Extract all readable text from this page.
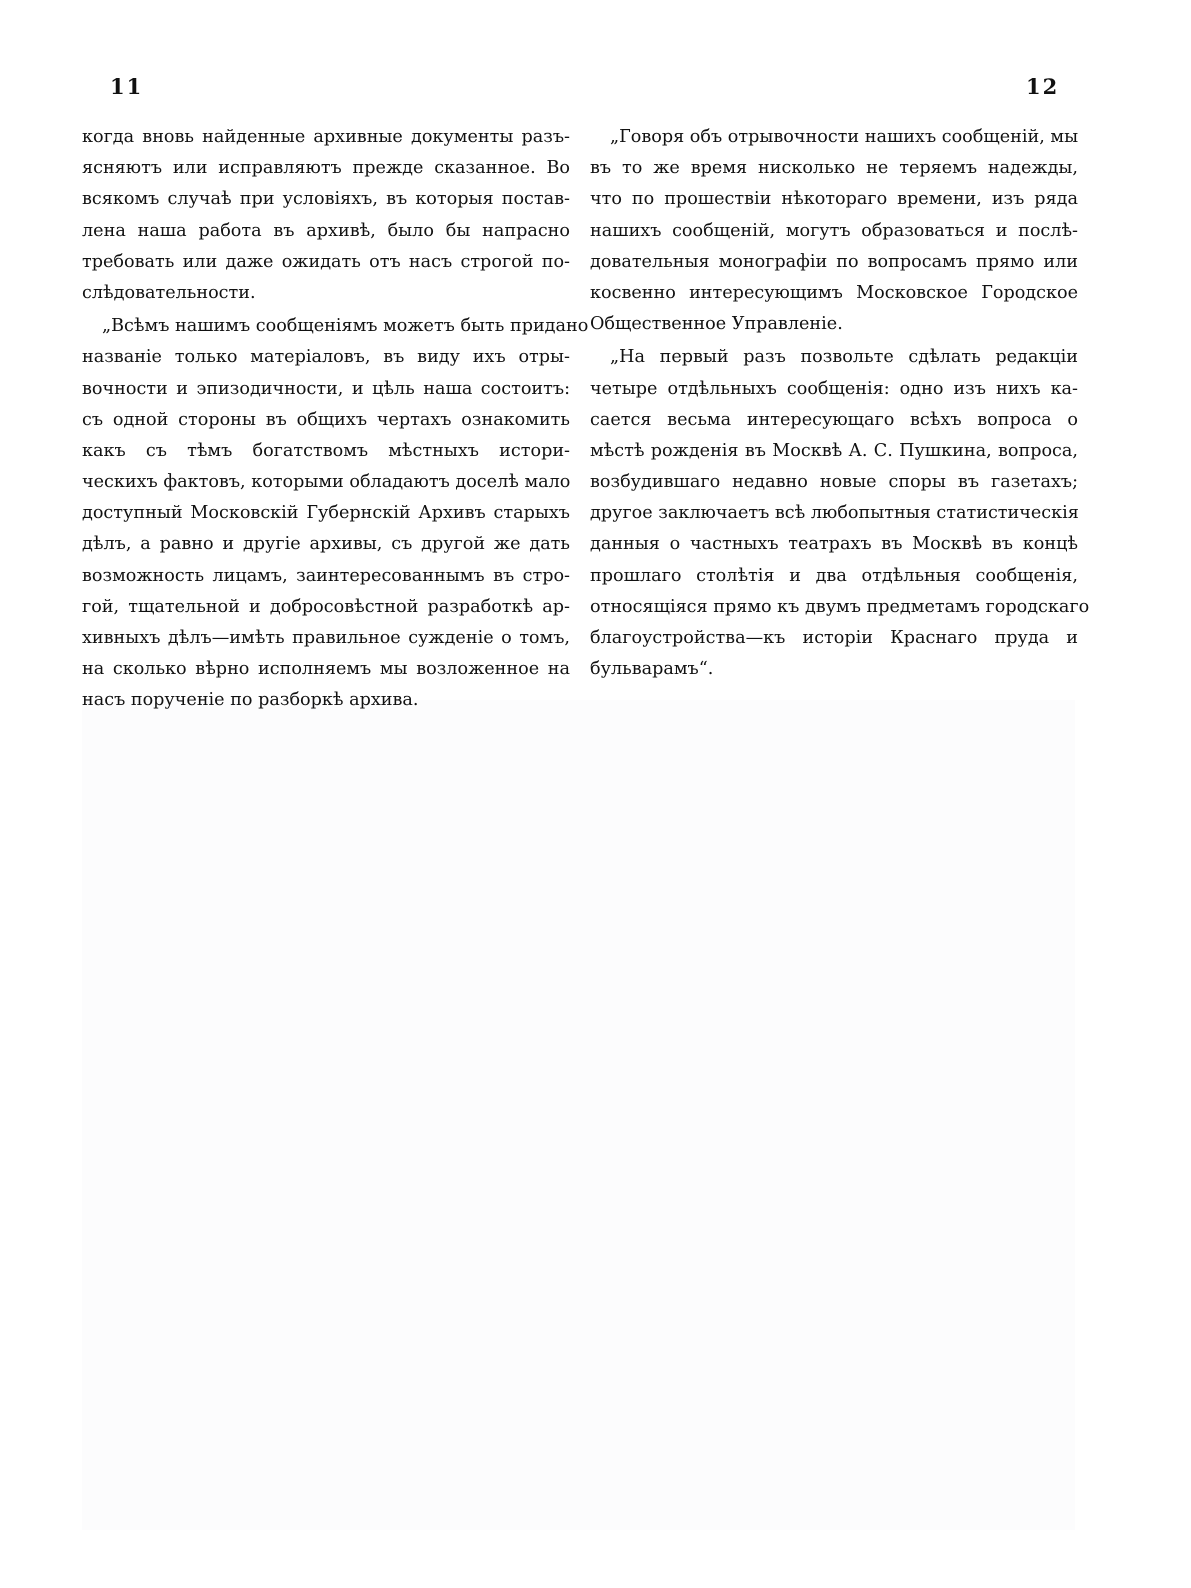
11	12
когда вновь найденные архивные документы разъ-
ясняютъ или исправляютъ прежде сказанное. Во
всякомъ случаѣ при условіяхъ, въ которыя постав-
лена наша работа въ архивѣ, было бы напрасно
требовать или даже ожидать отъ насъ строгой по-
слѣдовательности.
„Всѣмъ нашимъ сообщеніямъ можетъ быть придано
названіе только матеріаловъ, въ виду ихъ отры-
вочности и эпизодичности, и цѣль наша состоитъ:
съ одной стороны въ общихъ чертахъ ознакомить
какъ съ тѣмъ богатствомъ мѣстныхъ истори-
ческихъ фактовъ, которыми обладаютъ доселѣ мало
доступный Московскій Губернскій Архивъ старыхъ
дѣлъ, а равно и другіе архивы, съ другой же дать
возможность лицамъ, заинтересованнымъ въ стро-
гой, тщательной и добросовѣстной разработкѣ ар-
хивныхъ дѣлъ—имѣть правильное сужденіе о томъ,
на сколько вѣрно исполняемъ мы возложенное на
насъ порученіе по разборкѣ архива.
„Говоря объ отрывочности нашихъ сообщеній, мы
въ то же время нисколько не теряемъ надежды,
что по прошествіи нѣкотораго времени, изъ ряда
нашихъ сообщеній, могутъ образоваться и послѣ-
довательныя монографіи по вопросамъ прямо или
косвенно интересующимъ Московское Городское
Общественное Управленіе.
„На первый разъ позвольте сдѣлать редакціи
четыре отдѣльныхъ сообщенія: одно изъ нихъ ка-
сается весьма интересующаго всѣхъ вопроса о
мѣстѣ рожденія въ Москвѣ А. С. Пушкина, вопроса,
возбудившаго недавно новые споры въ газетахъ;
другое заключаетъ всѣ любопытныя статистическія
данныя о частныхъ театрахъ въ Москвѣ въ концѣ
прошлаго столѣтія и два отдѣльныя сообщенія,
относящіяся прямо къ двумъ предметамъ городскаго
благоустройства—къ исторіи Краснаго пруда и
бульварамъ“.
